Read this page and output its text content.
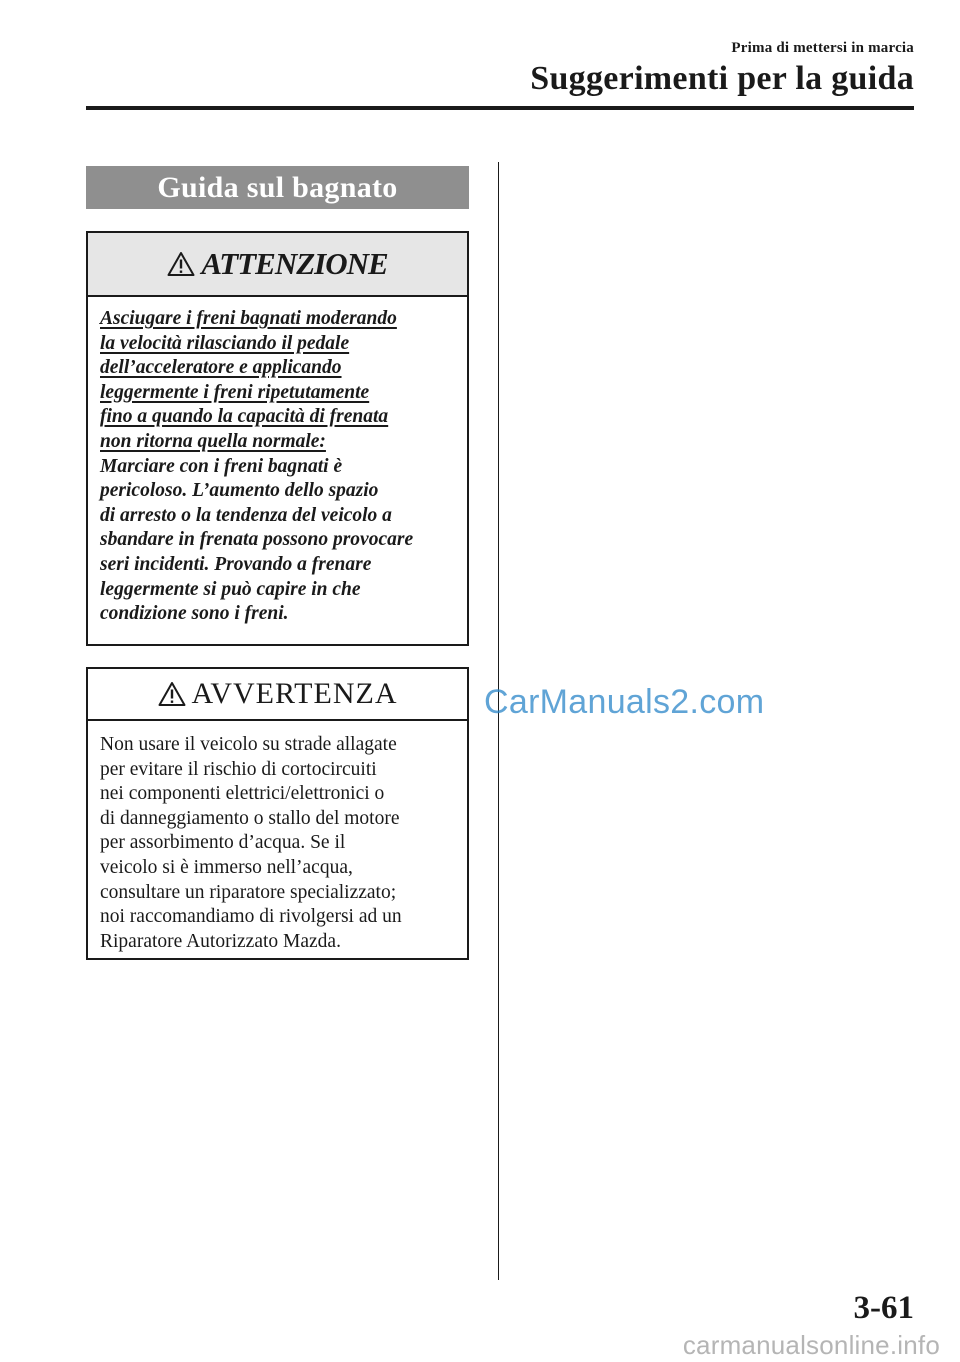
Prima di mettersi in marcia
Suggerimenti per la guida
Guida sul bagnato
ATTENZIONE
Asciugare i freni bagnati moderando
la velocità rilasciando il pedale
dell’acceleratore e applicando
leggermente i freni ripetutamente
fino a quando la capacità di frenata
non ritorna quella normale:
Marciare con i freni bagnati è
pericoloso. L’aumento dello spazio
di arresto o la tendenza del veicolo a
sbandare in frenata possono provocare
seri incidenti. Provando a frenare
leggermente si può capire in che
condizione sono i freni.
AVVERTENZA
Non usare il veicolo su strade allagate
per evitare il rischio di cortocircuiti
nei componenti elettrici/elettronici o
di danneggiamento o stallo del motore
per assorbimento d’acqua. Se il
veicolo si è immerso nell’acqua,
consultare un riparatore specializzato;
noi raccomandiamo di rivolgersi ad un
Riparatore Autorizzato Mazda.
CarManuals2.com
3-61
carmanualsonline.info
